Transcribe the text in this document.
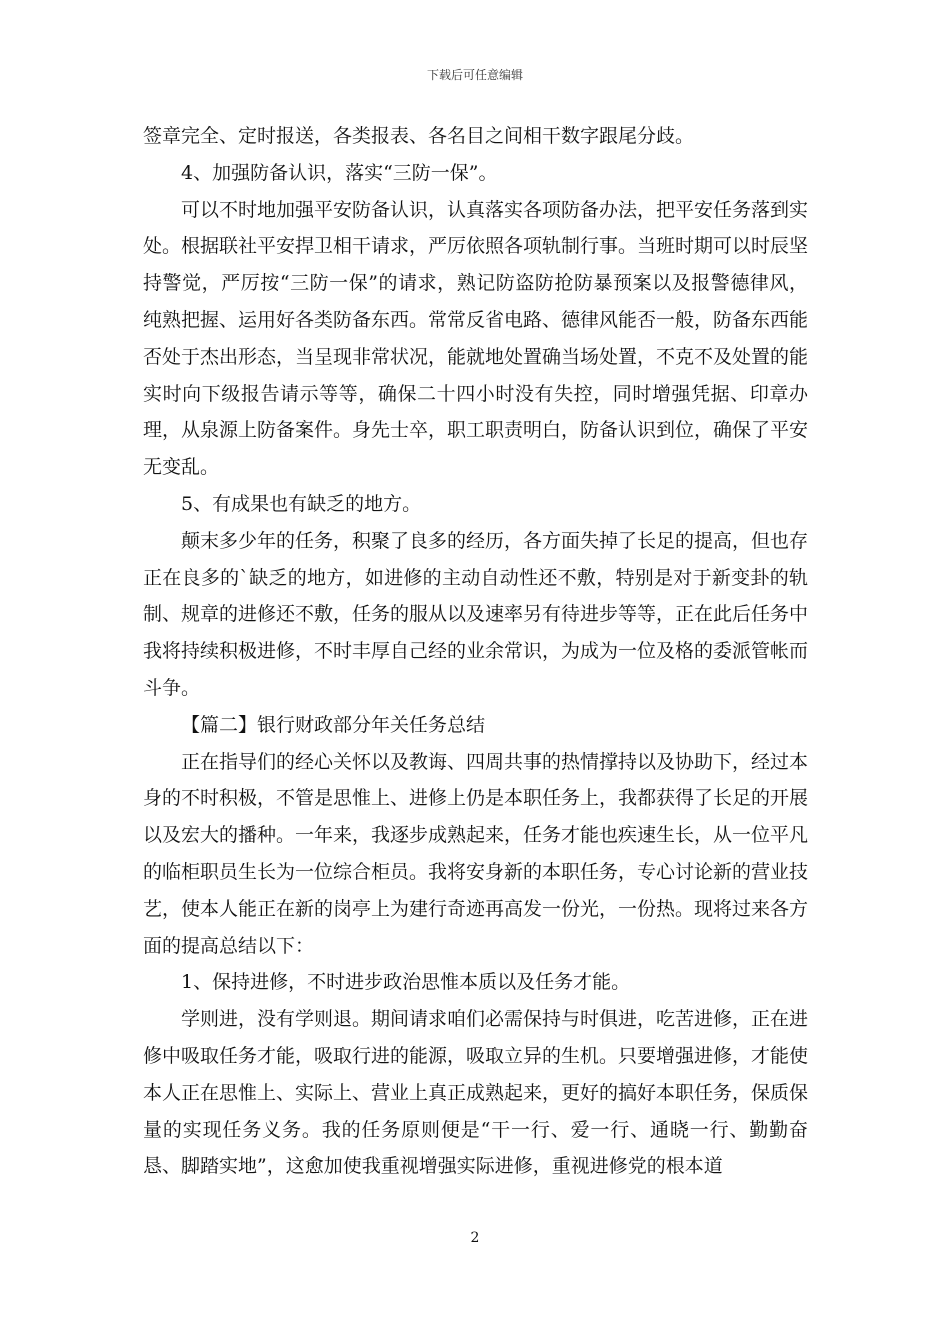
下载后可任意编辑

签章完全、定时报送，各类报表、各名目之间相干数字跟尾分歧。

4、加强防备认识，落实“三防一保”。

可以不时地加强平安防备认识，认真落实各项防备办法，把平安任务落到实处。根据联社平安捍卫相干请求，严厉依照各项轨制行事。当班时期可以时辰坚持警觉，严厉按“三防一保”的请求，熟记防盗防抢防暴预案以及报警德律风，纯熟把握、运用好各类防备东西。常常反省电路、德律风能否一般，防备东西能否处于杰出形态，当呈现非常状况，能就地处置确当场处置，不克不及处置的能实时向下级报告请示等等，确保二十四小时没有失控，同时增强凭据、印章办理，从泉源上防备案件。身先士卒，职工职责明白，防备认识到位，确保了平安无变乱。

5、有成果也有缺乏的地方。

颠末多少年的任务，积聚了良多的经历，各方面失掉了长足的提高，但也存正在良多的`缺乏的地方，如进修的主动自动性还不敷，特别是对于新变卦的轨制、规章的进修还不敷，任务的服从以及速率另有待进步等等，正在此后任务中我将持续积极进修，不时丰厚自己经的业余常识，为成为一位及格的委派管帐而斗争。

【篇二】银行财政部分年关任务总结

正在指导们的经心关怀以及教诲、四周共事的热情撑持以及协助下，经过本身的不时积极，不管是思惟上、进修上仍是本职任务上，我都获得了长足的开展以及宏大的播种。一年来，我逐步成熟起来，任务才能也疾速生长，从一位平凡的临柜职员生长为一位综合柜员。我将安身新的本职任务，专心讨论新的营业技艺，使本人能正在新的岗亭上为建行奇迹再高发一份光，一份热。现将过来各方面的提高总结以下：

1、保持进修，不时进步政治思惟本质以及任务才能。

学则进，没有学则退。期间请求咱们必需保持与时俱进，吃苦进修，正在进修中吸取任务才能，吸取行进的能源，吸取立异的生机。只要增强进修，才能使本人正在思惟上、实际上、营业上真正成熟起来，更好的搞好本职任务，保质保量的实现任务义务。我的任务原则便是“干一行、爱一行、通晓一行、勤勤奋恳、脚踏实地”，这愈加使我重视增强实际进修，重视进修党的根本道

2
